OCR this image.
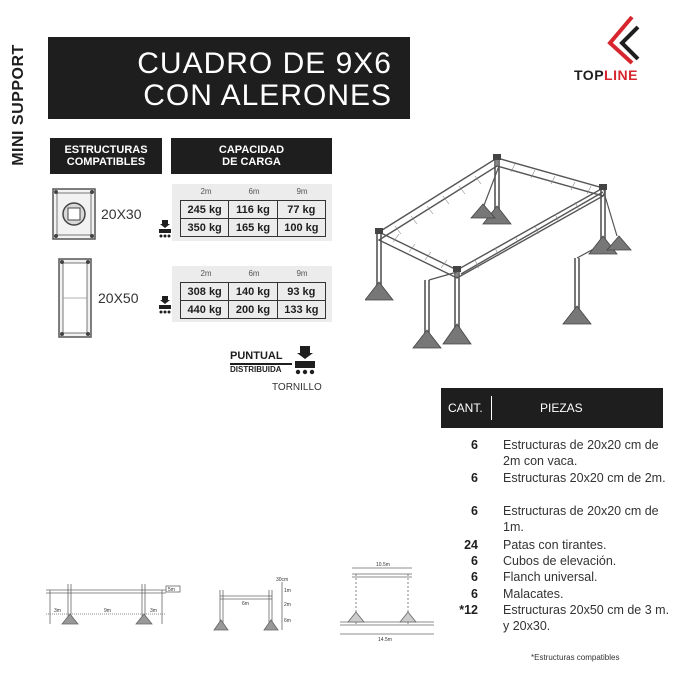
MINI SUPPORT	CUADRO DE 9X6
CON ALERONES
TOPLINE
ESTRUCTURAS
COMPATIBLES
CAPACIDAD
DE CARGA
20X30
2m	6m	9m
245 kg	116 kg	77 kg
350 kg	165 kg	100 kg
20X50
2m	6m	9m
308 kg	140 kg	93 kg
440 kg	200 kg	133 kg
PUNTUAL
DISTRIBUIDA
TORNILLO
CANT.	PIEZAS
6 Estructuras de 20x20 cm de 2m con vaca.
6 Estructuras 20x20 cm de 2m.
6 Estructuras de 20x20 cm de 1m.
24 Patas con tirantes.
6 Cubos de elevación.
6 Flanch universal.
6 Malacates.
*12 Estructuras 20x50 cm de 3 m. y 20x30.
*Estructuras compatibles
3m	9m	3m
5m
30cm
1m
2m
6m
6m
10.5m
14.5m
